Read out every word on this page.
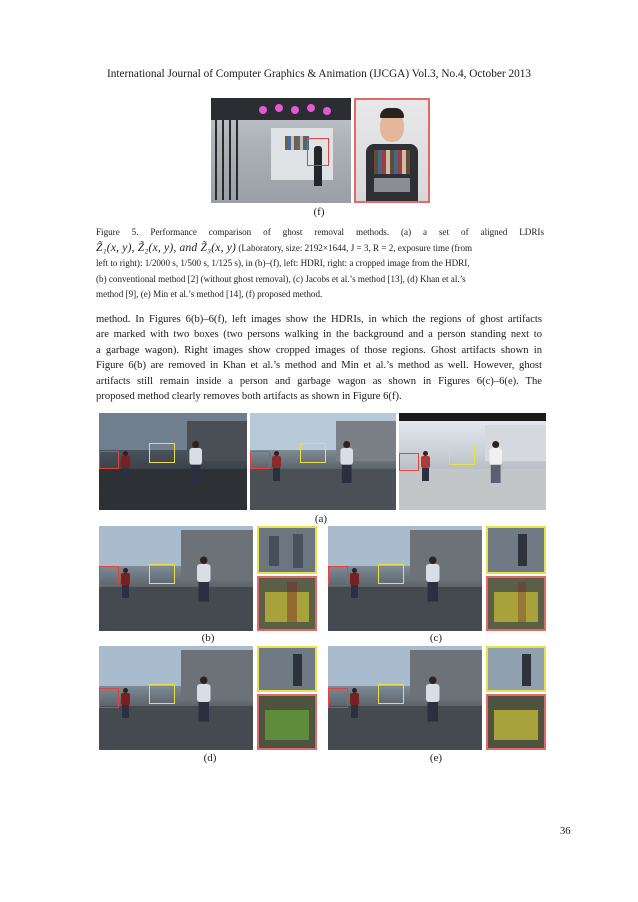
International Journal of Computer Graphics & Animation (IJCGA) Vol.3, No.4, October 2013
(f)
Figure 5. Performance comparison of ghost removal methods. (a) a set of aligned LDRIs
Z̃₁(x, y), Z̃₂(x, y), and Z̃₃(x, y) (Laboratory, size: 2192×1644, J = 3, R = 2, exposure time (from
left to right): 1/2000 s, 1/500 s, 1/125 s), in (b)–(f), left: HDRI, right: a cropped image from the HDRI,
(b) conventional method [2] (without ghost removal), (c) Jacobs et al.’s method [13], (d) Khan et al.’s
method [9], (e) Min et al.’s method [14], (f) proposed method.
method. In Figures 6(b)–6(f), left images show the HDRIs, in which the regions of ghost artifacts
are marked with two boxes (two persons walking in the background and a person standing next to
a garbage wagon). Right images show cropped images of those regions. Ghost artifacts shown in
Figure 6(b) are removed in Khan et al.’s method and Min et al.’s method as well. However, ghost
artifacts still remain inside a person and garbage wagon as shown in Figures 6(c)–6(e). The
proposed method clearly removes both artifacts as shown in Figure 6(f).
(a)
(b)	(c)
(d)	(e)
36
